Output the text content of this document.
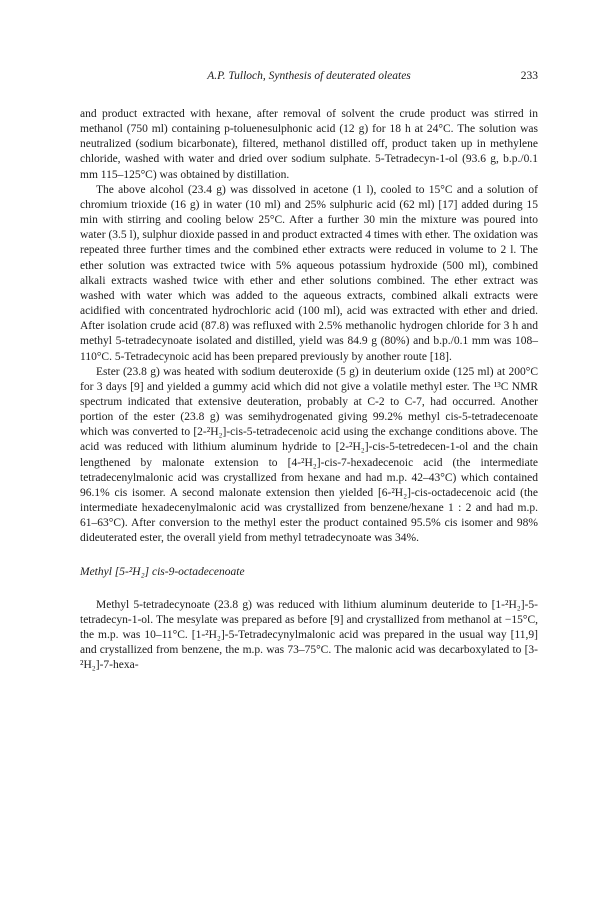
A.P. Tulloch, Synthesis of deuterated oleates	233

and product extracted with hexane, after removal of solvent the crude product was stirred in methanol (750 ml) containing p-toluenesulphonic acid (12 g) for 18 h at 24°C. The solution was neutralized (sodium bicarbonate), filtered, methanol distilled off, product taken up in methylene chloride, washed with water and dried over sodium sulphate. 5-Tetradecyn-1-ol (93.6 g, b.p./0.1 mm 115–125°C) was obtained by distillation.

The above alcohol (23.4 g) was dissolved in acetone (1 l), cooled to 15°C and a solution of chromium trioxide (16 g) in water (10 ml) and 25% sulphuric acid (62 ml) [17] added during 15 min with stirring and cooling below 25°C. After a further 30 min the mixture was poured into water (3.5 l), sulphur dioxide passed in and product extracted 4 times with ether. The oxidation was repeated three further times and the combined ether extracts were reduced in volume to 2 l. The ether solution was extracted twice with 5% aqueous potassium hydroxide (500 ml), combined alkali extracts washed twice with ether and ether solutions combined. The ether extract was washed with water which was added to the aqueous extracts, combined alkali extracts were acidified with concentrated hydrochloric acid (100 ml), acid was extracted with ether and dried. After isolation crude acid (87.8) was refluxed with 2.5% methanolic hydrogen chloride for 3 h and methyl 5-tetradecynoate isolated and distilled, yield was 84.9 g (80%) and b.p./0.1 mm was 108–110°C. 5-Tetradecynoic acid has been prepared previously by another route [18].

Ester (23.8 g) was heated with sodium deuteroxide (5 g) in deuterium oxide (125 ml) at 200°C for 3 days [9] and yielded a gummy acid which did not give a volatile methyl ester. The ¹³C NMR spectrum indicated that extensive deuteration, probably at C-2 to C-7, had occurred. Another portion of the ester (23.8 g) was semihydrogenated giving 99.2% methyl cis-5-tetradecenoate which was converted to [2-²H₂]-cis-5-tetradecenoic acid using the exchange conditions above. The acid was reduced with lithium aluminum hydride to [2-²H₂]-cis-5-tetredecen-1-ol and the chain lengthened by malonate extension to [4-²H₂]-cis-7-hexadecenoic acid (the intermediate tetradecenylmalonic acid was crystallized from hexane and had m.p. 42–43°C) which contained 96.1% cis isomer. A second malonate extension then yielded [6-²H₂]-cis-octadecenoic acid (the intermediate hexadecenylmalonic acid was crystallized from benzene/hexane 1 : 2 and had m.p. 61–63°C). After conversion to the methyl ester the product contained 95.5% cis isomer and 98% dideuterated ester, the overall yield from methyl tetradecynoate was 34%.

Methyl [5-²H₂] cis-9-octadecenoate

Methyl 5-tetradecynoate (23.8 g) was reduced with lithium aluminum deuteride to [1-²H₂]-5-tetradecyn-1-ol. The mesylate was prepared as before [9] and crystallized from methanol at −15°C, the m.p. was 10–11°C. [1-²H₂]-5-Tetradecynylmalonic acid was prepared in the usual way [11,9] and crystallized from benzene, the m.p. was 73–75°C. The malonic acid was decarboxylated to [3-²H₂]-7-hexa-
